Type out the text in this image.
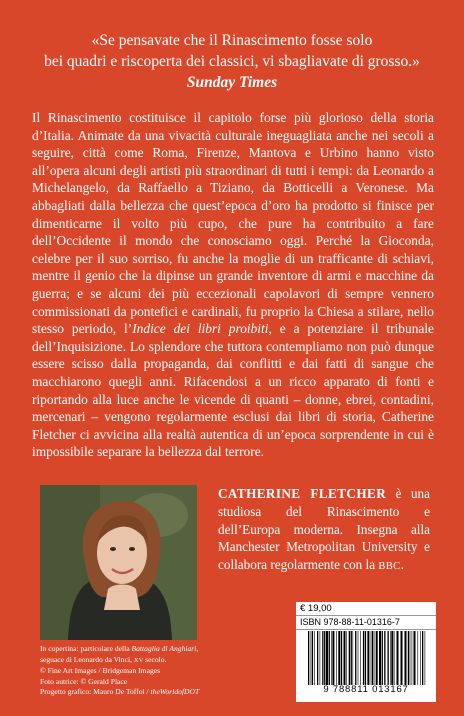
«Se pensavate che il Rinascimento fosse solo
bei quadri e riscoperta dei classici, vi sbagliavate di grosso.»
Sunday Times
Il Rinascimento costituisce il capitolo forse più glorioso della storia d’Italia. Animate da una vivacità culturale ineguagliata anche nei secoli a seguire, città come Roma, Firenze, Mantova e Urbino hanno visto all’opera alcuni degli artisti più straordinari di tutti i tempi: da Leonardo a Michelangelo, da Raffaello a Tiziano, da Botticelli a Veronese. Ma abbagliati dalla bellezza che quest’epoca d’oro ha prodotto si finisce per dimenticarne il volto più cupo, che pure ha contribuito a fare dell’Occidente il mondo che conosciamo oggi. Perché la Gioconda, celebre per il suo sorriso, fu anche la moglie di un trafficante di schiavi, mentre il genio che la dipinse un grande inventore di armi e macchine da guerra; e se alcuni dei più eccezionali capolavori di sempre vennero commissionati da pontefici e cardinali, fu proprio la Chiesa a stilare, nello stesso periodo, l’Indice dei libri proibiti, e a potenziare il tribunale dell’Inquisizione. Lo splendore che tuttora contempliamo non può dunque essere scisso dalla propaganda, dai conflitti e dai fatti di sangue che macchiarono quegli anni. Rifacendosi a un ricco apparato di fonti e riportando alla luce anche le vicende di quanti – donne, ebrei, contadini, mercenari – vengono regolarmente esclusi dai libri di storia, Catherine Fletcher ci avvicina alla realtà autentica di un’epoca sorprendente in cui è impossibile separare la bellezza dal terrore.
CATHERINE FLETCHER è una studiosa del Rinascimento e dell’Europa moderna. Insegna alla Manchester Metropolitan University e collabora regolarmente con la BBC.
In copertina: particolare della Battaglia di Anghiari,
seguace di Leonardo da Vinci, XV secolo.
© Fine Art Images / Bridgeman Images
Foto autrice: © Gerald Place
Progetto grafico: Mauro De Toffol / theWorldofDOT
€ 19,00
ISBN 978-88-11-01316-7
9 788811 013167
